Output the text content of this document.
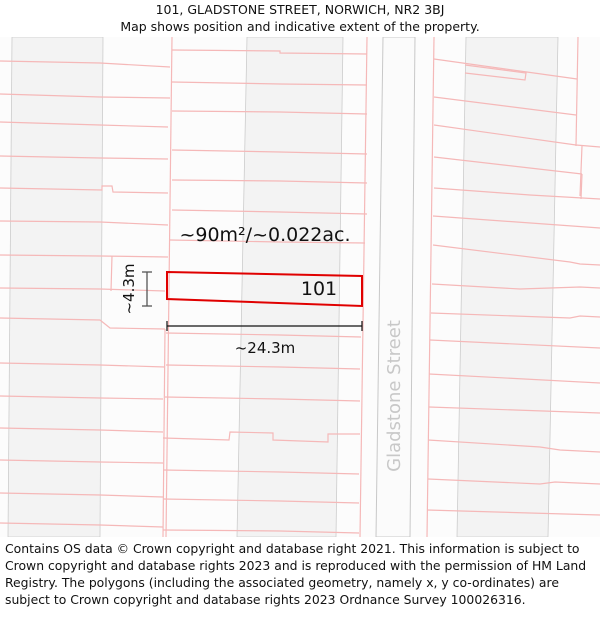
101, GLADSTONE STREET, NORWICH, NR2 3BJ
Map shows position and indicative extent of the property.
~90m²/~0.022ac.
101
~4.3m
~24.3m	Gladstone Street
Contains OS data © Crown copyright and database right 2021. This information is subject to Crown copyright and database rights 2023 and is reproduced with the permission of HM Land Registry. The polygons (including the associated geometry, namely x, y co-ordinates) are subject to Crown copyright and database rights 2023 Ordnance Survey 100026316.
